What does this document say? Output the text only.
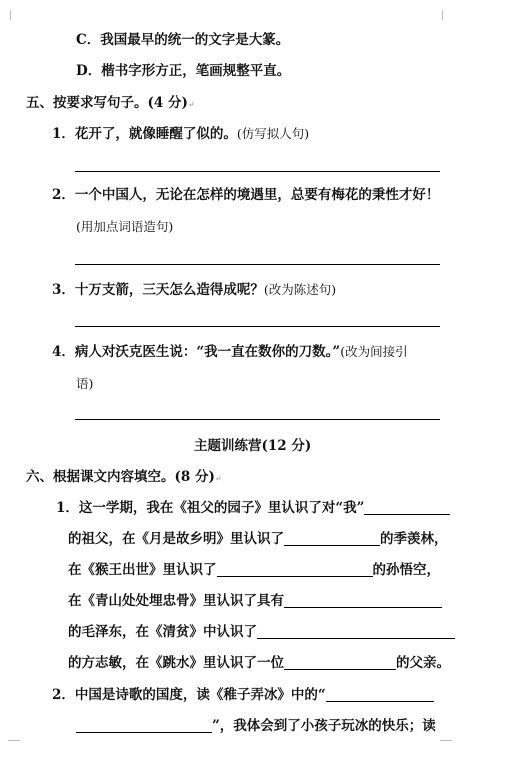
C．我国最早的统一的文字是大篆。
D．楷书字形方正，笔画规整平直。
五、按要求写句子。(4 分)↵
1．花开了，就像睡醒了似的。(仿写拟人句)
2．一个中国人，无论在怎样的境遇里，总要有梅花的秉性才好！
(用加点词语造句)
3．十万支箭，三天怎么造得成呢？(改为陈述句)
4．病人对沃克医生说：“我一直在数你的刀数。”(改为间接引
语)
主题训练营(12 分)
六、根据课文内容填空。(8 分)↵
1．这一学期，我在《祖父的园子》里认识了对“我”
的祖父，在《月是故乡明》里认识了	的季羡林，
在《猴王出世》里认识了	的孙悟空，
在《青山处处埋忠骨》里认识了具有
的毛泽东，在《清贫》中认识了
的方志敏，在《跳水》里认识了一位	的父亲。
2．中国是诗歌的国度，读《稚子弄冰》中的“
”，我体会到了小孩子玩冰的快乐；读
